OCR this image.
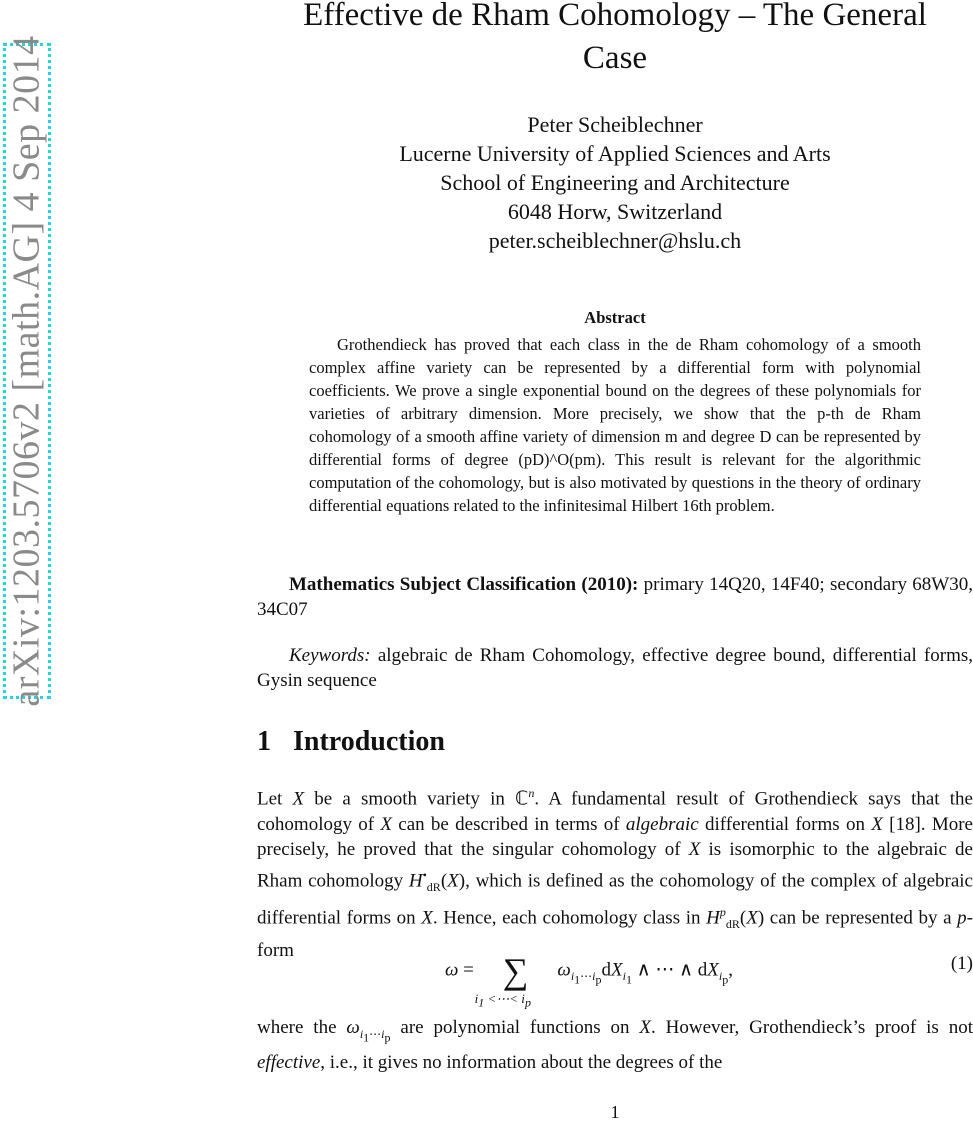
arXiv:1203.5706v2 [math.AG] 4 Sep 2014
Effective de Rham Cohomology – The General
Case
Peter Scheiblechner
Lucerne University of Applied Sciences and Arts
School of Engineering and Architecture
6048 Horw, Switzerland
peter.scheiblechner@hslu.ch
Abstract

Grothendieck has proved that each class in the de Rham cohomology of a smooth complex affine variety can be represented by a differential form with polynomial coefficients. We prove a single exponential bound on the degrees of these polynomials for varieties of arbitrary dimension. More precisely, we show that the p-th de Rham cohomology of a smooth affine variety of dimension m and degree D can be represented by differential forms of degree (pD)^O(pm). This result is relevant for the algorithmic computation of the cohomology, but is also motivated by questions in the theory of ordinary differential equations related to the infinitesimal Hilbert 16th problem.

Mathematics Subject Classification (2010): primary 14Q20, 14F40; secondary 68W30, 34C07

Keywords: algebraic de Rham Cohomology, effective degree bound, differential forms, Gysin sequence

1 Introduction

Let X be a smooth variety in ℂ$^n$. A fundamental result of Grothendieck says that the cohomology of X can be described in terms of algebraic differential forms on X [18]. More precisely, he proved that the singular cohomology of X is isomorphic to the algebraic de Rham cohomology $H^•_{dR}(X)$, which is defined as the cohomology of the complex of algebraic differential forms on X. Hence, each cohomology class in $H^p_{dR}(X)$ can be represented by a p-form

ω = ∑
$i_1$ <⋯< $i_p$
$\omega_{i_1\cdots i_p}dX_{i_1}$ ∧ ⋯ ∧ $dX_{i_p}$,	(1)

where the $\omega_{i_1\cdots i_p}$ are polynomial functions on X. However, Grothendieck’s proof is not effective, i.e., it gives no information about the degrees of the

1
